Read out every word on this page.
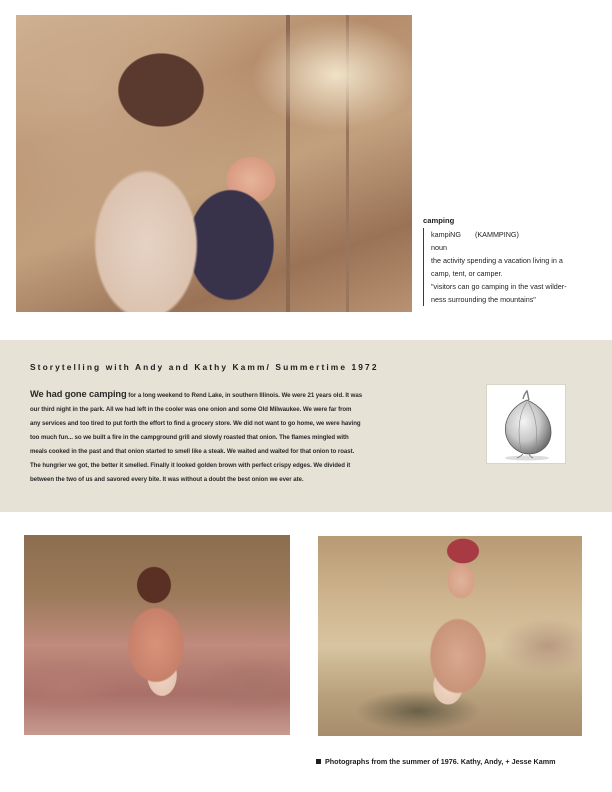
camping
kampiNG (KAMMPING)
noun
the activity spending a vacation living in a
camp, tent, or camper.
"visitors can go camping in the vast wilder-
ness surrounding the mountains"
Storytelling with Andy and Kathy Kamm/ Summertime 1972
We had gone camping for a long weekend to Rend Lake, in southern Illinois. We were 21 years old. It was
our third night in the park. All we had left in the cooler was one onion and some Old Milwaukee. We were far from
any services and too tired to put forth the effort to find a grocery store. We did not want to go home, we were having
too much fun... so we built a fire in the campground grill and slowly roasted that onion. The flames mingled with
meals cooked in the past and that onion started to smell like a steak. We waited and waited for that onion to roast.
The hungrier we got, the better it smelled. Finally it looked golden brown with perfect crispy edges. We divided it
between the two of us and savored every bite. It was without a doubt the best onion we ever ate.
Photographs from the summer of 1976. Kathy, Andy, + Jesse Kamm
